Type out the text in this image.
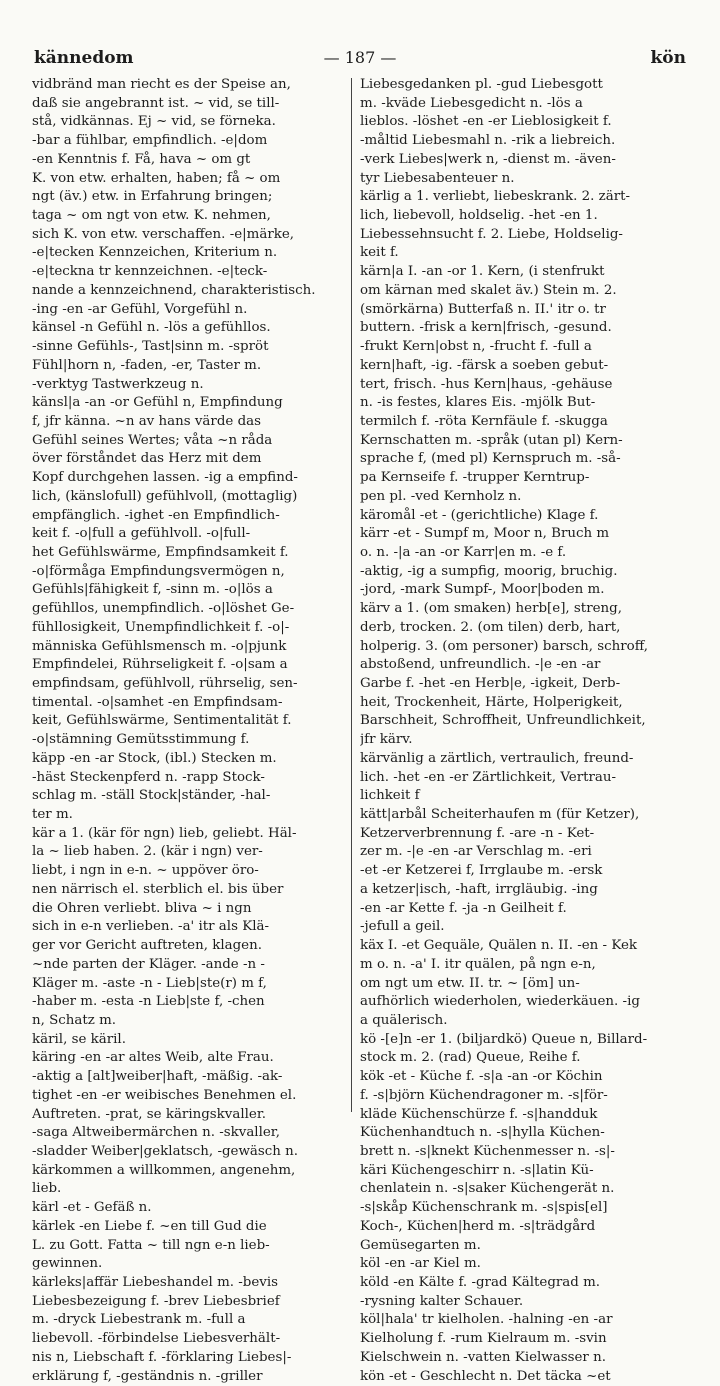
kännedom	— 187 —	kön
vidbränd man riecht es der Speise an,
daß sie angebrannt ist. ~ vid, se till-
stå, vidkännas. Ej ~ vid, se förneka.
-bar a fühlbar, empfindlich. -e|dom
-en Kenntnis f. Få, hava ~ om gt
K. von etw. erhalten, haben; få ~ om
ngt (äv.) etw. in Erfahrung bringen;
taga ~ om ngt von etw. K. nehmen,
sich K. von etw. verschaffen. -e|märke,
-e|tecken Kennzeichen, Kriterium n.
-e|teckna tr kennzeichnen. -e|teck-
nande a kennzeichnend, charakteristisch.
-ing -en -ar Gefühl, Vorgefühl n.
känsel -n Gefühl n. -lös a gefühllos.
-sinne Gefühls-, Tast|sinn m. -spröt
Fühl|horn n, -faden, -er, Taster m.
-verktyg Tastwerkzeug n.
känsl|a -an -or Gefühl n, Empfindung
f, jfr känna. ~n av hans värde das
Gefühl seines Wertes; våta ~n råda
över förståndet das Herz mit dem
Kopf durchgehen lassen. -ig a empfind-
lich, (känslofull) gefühlvoll, (mottaglig)
empfänglich. -ighet -en Empfindlich-
keit f. -o|full a gefühlvoll. -o|full-
het Gefühlswärme, Empfindsamkeit f.
-o|förmåga Empfindungsvermögen n,
Gefühls|fähigkeit f, -sinn m. -o|lös a
gefühllos, unempfindlich. -o|löshet Ge-
fühllosigkeit, Unempfindlichkeit f. -o|-
människa Gefühlsmensch m. -o|pjunk
Empfindelei, Rührseligkeit f. -o|sam a
empfindsam, gefühlvoll, rührselig, sen-
timental. -o|samhet -en Empfindsam-
keit, Gefühlswärme, Sentimentalität f.
-o|stämning Gemütsstimmung f.
käpp -en -ar Stock, (ibl.) Stecken m.
-häst Steckenpferd n. -rapp Stock-
schlag m. -ställ Stock|ständer, -hal-
ter m.
kär a 1. (kär för ngn) lieb, geliebt. Häl-
la ~ lieb haben. 2. (kär i ngn) ver-
liebt, i ngn in e-n. ~ uppöver öro-
nen närrisch el. sterblich el. bis über
die Ohren verliebt. bliva ~ i ngn
sich in e-n verlieben. -a' itr als Klä-
ger vor Gericht auftreten, klagen.
~nde parten der Kläger. -ande -n -
Kläger m. -aste -n - Lieb|ste(r) m f,
-haber m. -esta -n Lieb|ste f, -chen
n, Schatz m.
käril, se käril.
käring -en -ar altes Weib, alte Frau.
-aktig a [alt]weiber|haft, -mäßig. -ak-
tighet -en -er weibisches Benehmen el.
Auftreten. -prat, se käringskvaller.
-saga Altweibermärchen n. -skvaller,
-sladder Weiber|geklatsch, -gewäsch n.
kärkommen a willkommen, angenehm,
lieb.
kärl -et - Gefäß n.
kärlek -en Liebe f. ~en till Gud die
L. zu Gott. Fatta ~ till ngn e-n lieb-
gewinnen.
kärleks|affär Liebeshandel m. -bevis
Liebesbezeigung f. -brev Liebesbrief
m. -dryck Liebestrank m. -full a
liebevoll. -förbindelse Liebesverhält-
nis n, Liebschaft f. -förklaring Liebes|-
erklärung f, -geständnis n. -griller
Liebesgedanken pl. -gud Liebesgott
m. -kväde Liebesgedicht n. -lös a
lieblos. -löshet -en -er Lieblosigkeit f.
-måltid Liebesmahl n. -rik a liebreich.
-verk Liebes|werk n, -dienst m. -även-
tyr Liebesabenteuer n.
kärlig a 1. verliebt, liebeskrank. 2. zärt-
lich, liebevoll, holdselig. -het -en 1.
Liebessehnsucht f. 2. Liebe, Holdselig-
keit f.
kärn|a I. -an -or 1. Kern, (i stenfrukt
om kärnan med skalet äv.) Stein m. 2.
(smörkärna) Butterfaß n. II.' itr o. tr
buttern. -frisk a kern|frisch, -gesund.
-frukt Kern|obst n, -frucht f. -full a
kern|haft, -ig. -färsk a soeben gebut-
tert, frisch. -hus Kern|haus, -gehäuse
n. -is festes, klares Eis. -mjölk But-
termilch f. -röta Kernfäule f. -skugga
Kernschatten m. -språk (utan pl) Kern-
sprache f, (med pl) Kernspruch m. -så-
pa Kernseife f. -trupper Kerntrup-
pen pl. -ved Kernholz n.
käromål -et - (gerichtliche) Klage f.
kärr -et - Sumpf m, Moor n, Bruch m
o. n. -|a -an -or Karr|en m. -e f.
-aktig, -ig a sumpfig, moorig, bruchig.
-jord, -mark Sumpf-, Moor|boden m.
kärv a 1. (om smaken) herb[e], streng,
derb, trocken. 2. (om tilen) derb, hart,
holperig. 3. (om personer) barsch, schroff,
abstoßend, unfreundlich. -|e -en -ar
Garbe f. -het -en Herb|e, -igkeit, Derb-
heit, Trockenheit, Härte, Holperigkeit,
Barschheit, Schroffheit, Unfreundlichkeit,
jfr kärv.
kärvänlig a zärtlich, vertraulich, freund-
lich. -het -en -er Zärtlichkeit, Vertrau-
lichkeit f
kätt|arbål Scheiterhaufen m (für Ketzer),
Ketzerverbrennung f. -are -n - Ket-
zer m. -|e -en -ar Verschlag m. -eri
-et -er Ketzerei f, Irrglaube m. -ersk
a ketzer|isch, -haft, irrgläubig. -ing
-en -ar Kette f. -ja -n Geilheit f.
-jefull a geil.
käx I. -et Gequäle, Quälen n. II. -en - Kek
m o. n. -a' I. itr quälen, på ngn e-n,
om ngt um etw. II. tr. ~ [öm] un-
aufhörlich wiederholen, wiederkäuen. -ig
a quälerisch.
kö -[e]n -er 1. (biljardkö) Queue n, Billard-
stock m. 2. (rad) Queue, Reihe f.
kök -et - Küche f. -s|a -an -or Köchin
f. -s|björn Küchendragoner m. -s|för-
kläde Küchenschürze f. -s|handduk
Küchenhandtuch n. -s|hylla Küchen-
brett n. -s|knekt Küchenmesser n. -s|-
käri Küchengeschirr n. -s|latin Kü-
chenlatein n. -s|saker Küchengerät n.
-s|skåp Küchenschrank m. -s|spis[el]
Koch-, Küchen|herd m. -s|trädgård
Gemüsegarten m.
köl -en -ar Kiel m.
köld -en Kälte f. -grad Kältegrad m.
-rysning kalter Schauer.
köl|hala' tr kielholen. -halning -en -ar
Kielholung f. -rum Kielraum m. -svin
Kielschwein n. -vatten Kielwasser n.
kön -et - Geschlecht n. Det täcka ~et
